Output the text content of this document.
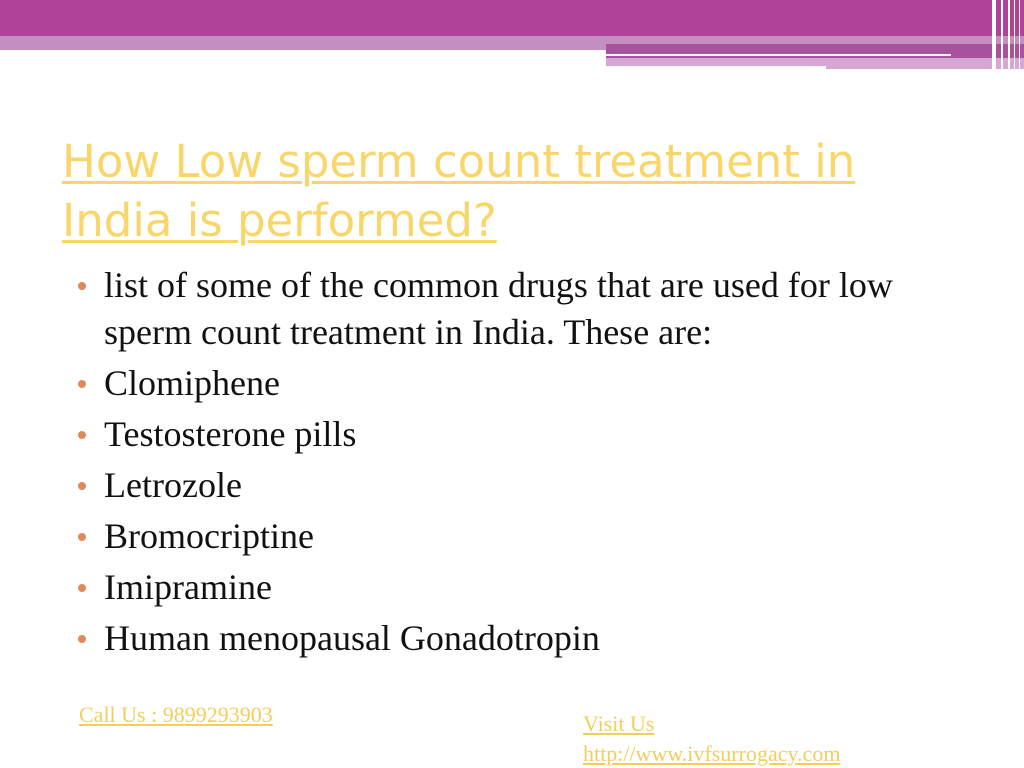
How Low sperm count treatment in India is performed?
list of some of the common drugs that are used for low sperm count treatment in India. These are:
Clomiphene
Testosterone pills
Letrozole
Bromocriptine
Imipramine
Human menopausal Gonadotropin
Call Us : 9899293903	Visit Us
http://www.ivfsurrogacy.com
